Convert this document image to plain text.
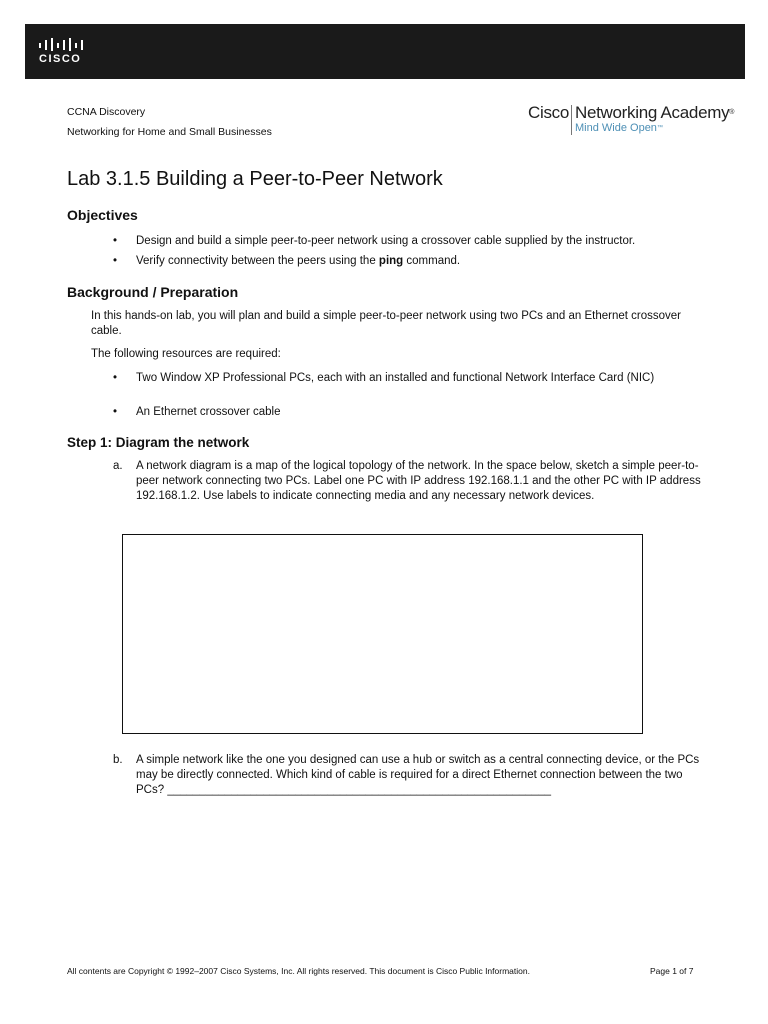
CISCO
CCNA Discovery
Networking for Home and Small Businesses
Cisco Networking Academy®
Mind Wide Open™
Lab 3.1.5 Building a Peer-to-Peer Network
Objectives
• Design and build a simple peer-to-peer network using a crossover cable supplied by the instructor.
• Verify connectivity between the peers using the ping command.
Background / Preparation
In this hands-on lab, you will plan and build a simple peer-to-peer network using two PCs and an Ethernet crossover cable.
The following resources are required:
• Two Window XP Professional PCs, each with an installed and functional Network Interface Card (NIC)
• An Ethernet crossover cable
Step 1: Diagram the network
a. A network diagram is a map of the logical topology of the network. In the space below, sketch a simple peer-to-peer network connecting two PCs. Label one PC with IP address 192.168.1.1 and the other PC with IP address 192.168.1.2. Use labels to indicate connecting media and any necessary network devices.
b. A simple network like the one you designed can use a hub or switch as a central connecting device, or the PCs may be directly connected. Which kind of cable is required for a direct Ethernet connection between the two PCs? ____________________________________________________________
All contents are Copyright © 1992–2007 Cisco Systems, Inc. All rights reserved. This document is Cisco Public Information.	Page 1 of 7
